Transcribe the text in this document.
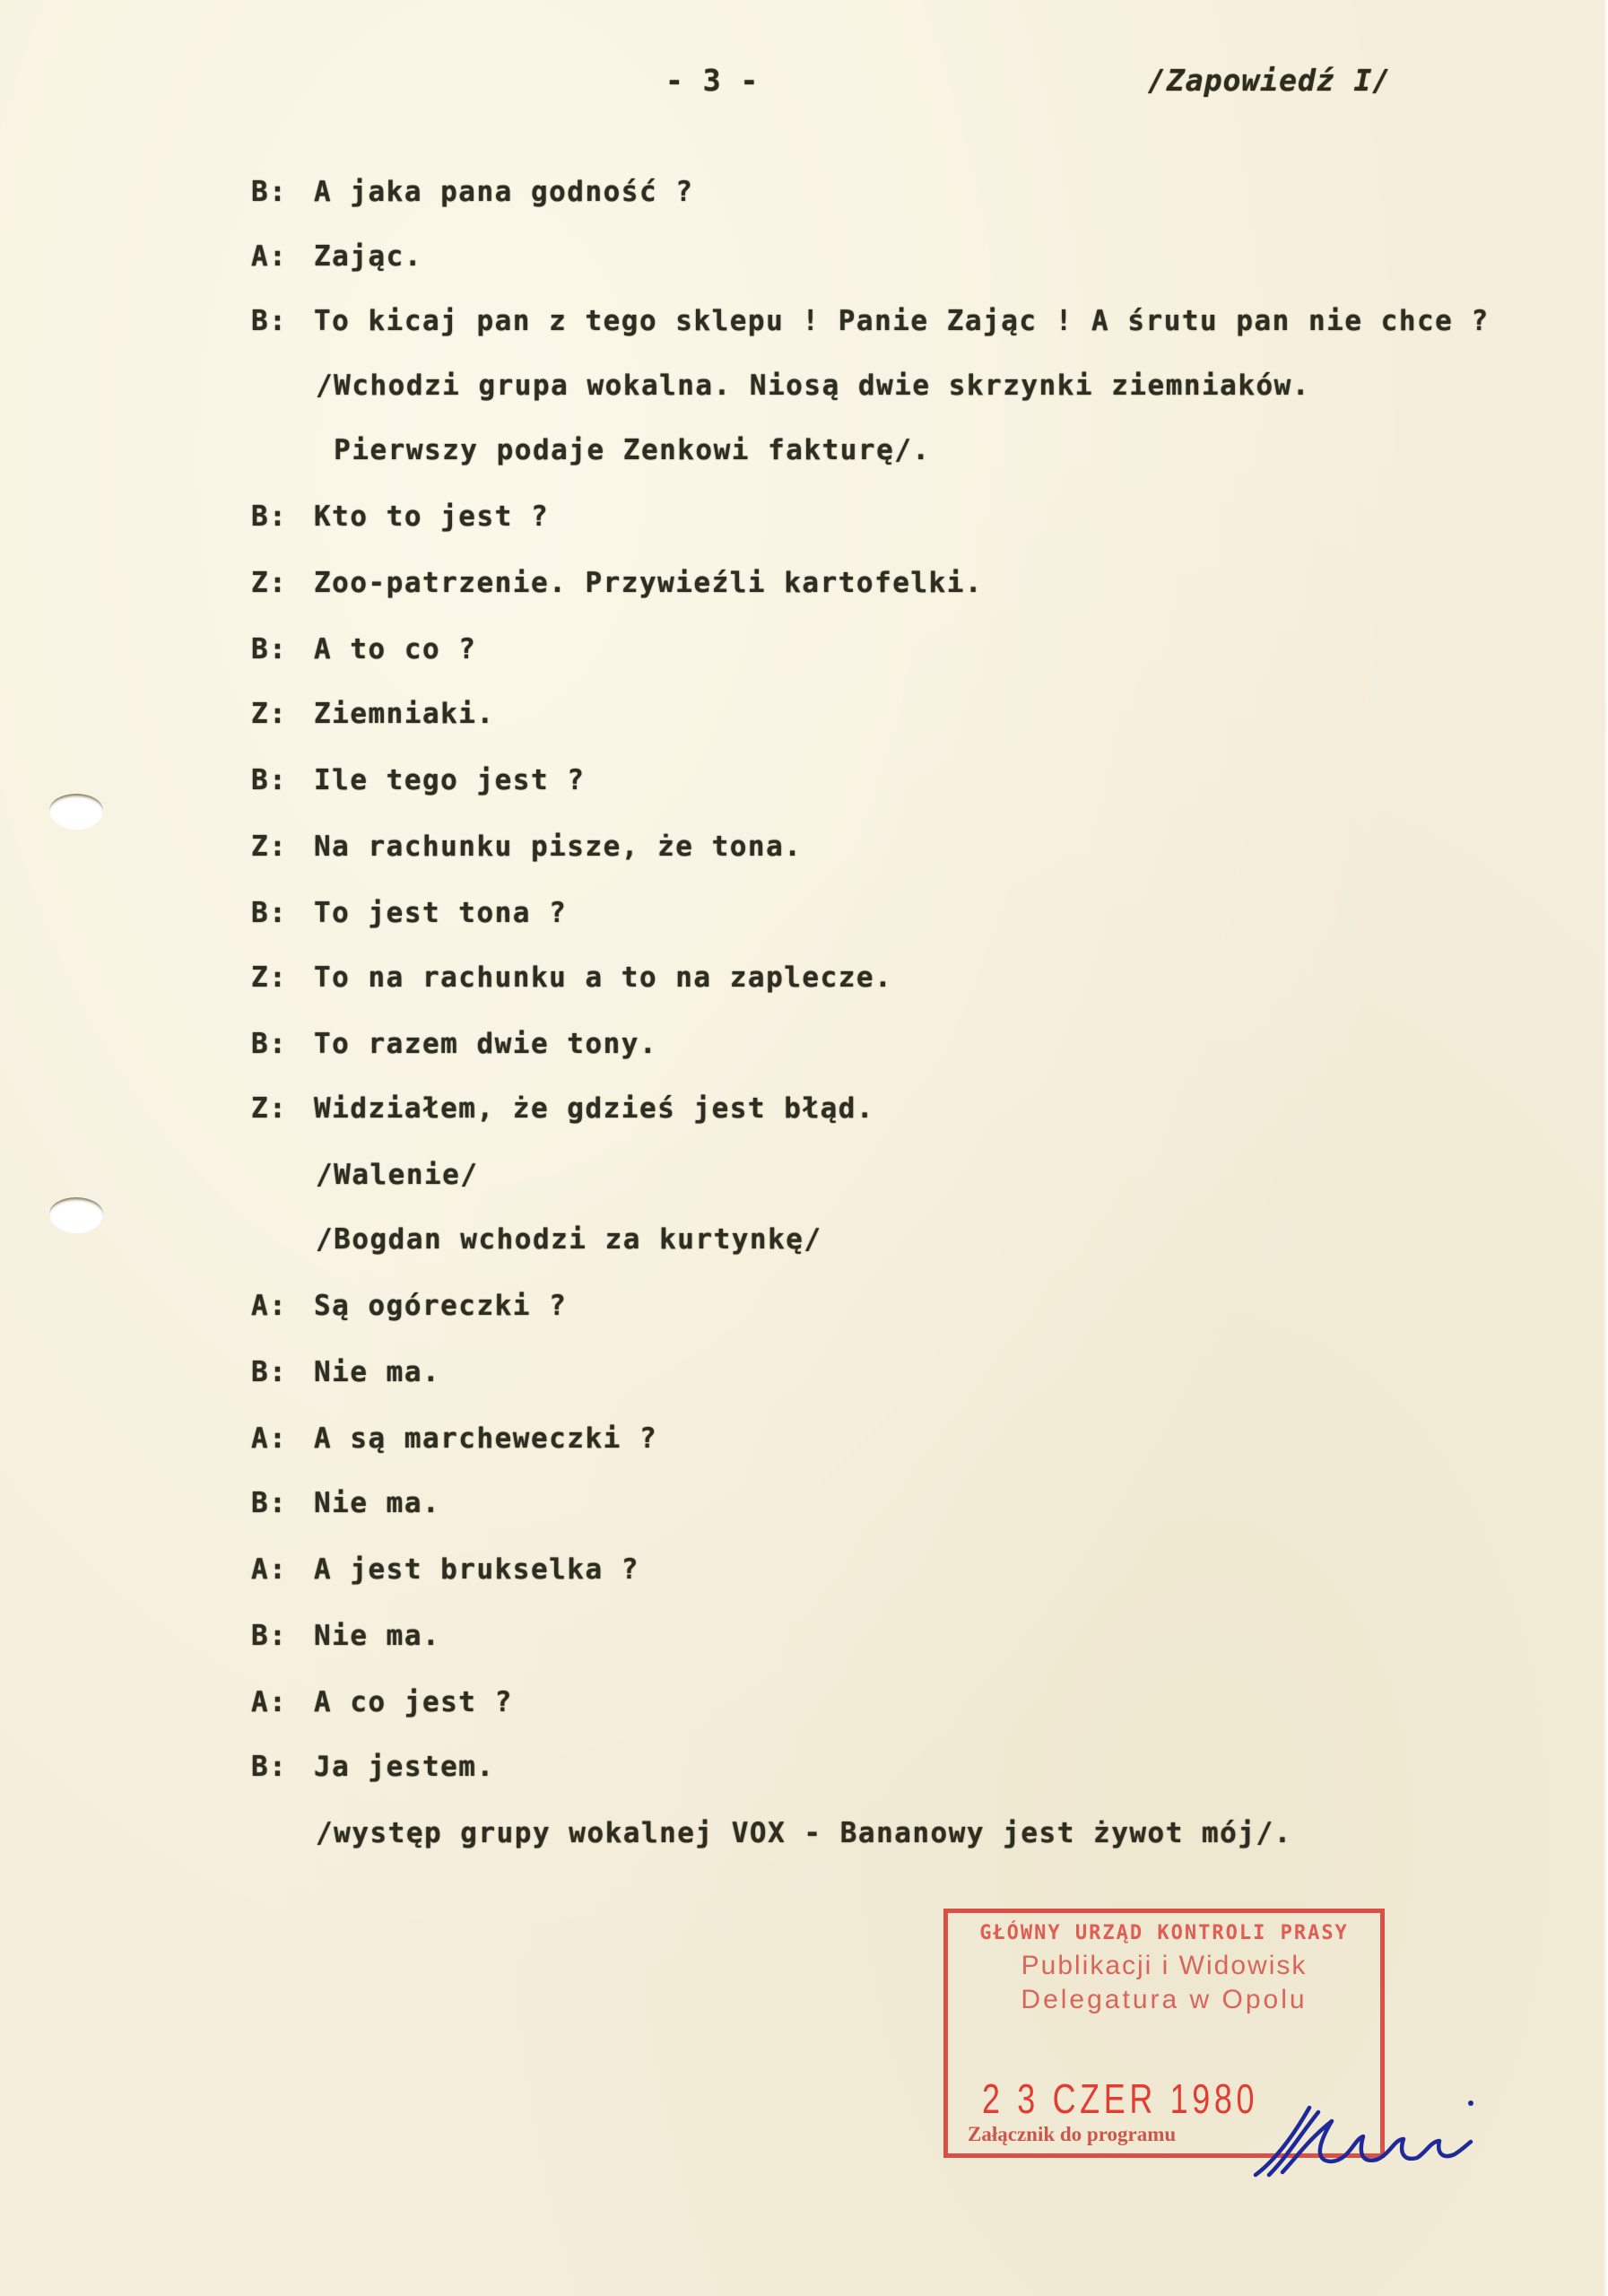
- 3 -	/Zapowiedź I/
B: A jaka pana godność ?
A: Zając.
B: To kicaj pan z tego sklepu ! Panie Zając ! A śrutu pan nie chce ?
/Wchodzi grupa wokalna. Niosą dwie skrzynki ziemniaków.
Pierwszy podaje Zenkowi fakturę/.
B: Kto to jest ?
Z: Zoo-patrzenie. Przywieźli kartofelki.
B: A to co ?
Z: Ziemniaki.
B: Ile tego jest ?
Z: Na rachunku pisze, że tona.
B: To jest tona ?
Z: To na rachunku a to na zaplecze.
B: To razem dwie tony.
Z: Widziałem, że gdzieś jest błąd.
/Walenie/
/Bogdan wchodzi za kurtynkę/
A: Są ogóreczki ?
B: Nie ma.
A: A są marcheweczki ?
B: Nie ma.
A: A jest brukselka ?
B: Nie ma.
A: A co jest ?
B: Ja jestem.
/występ grupy wokalnej VOX - Bananowy jest żywot mój/.
GŁÓWNY URZĄD KONTROLI PRASY
Publikacji i Widowisk
Delegatura w Opolu
2 3 CZER 1980
Załącznik do programu
